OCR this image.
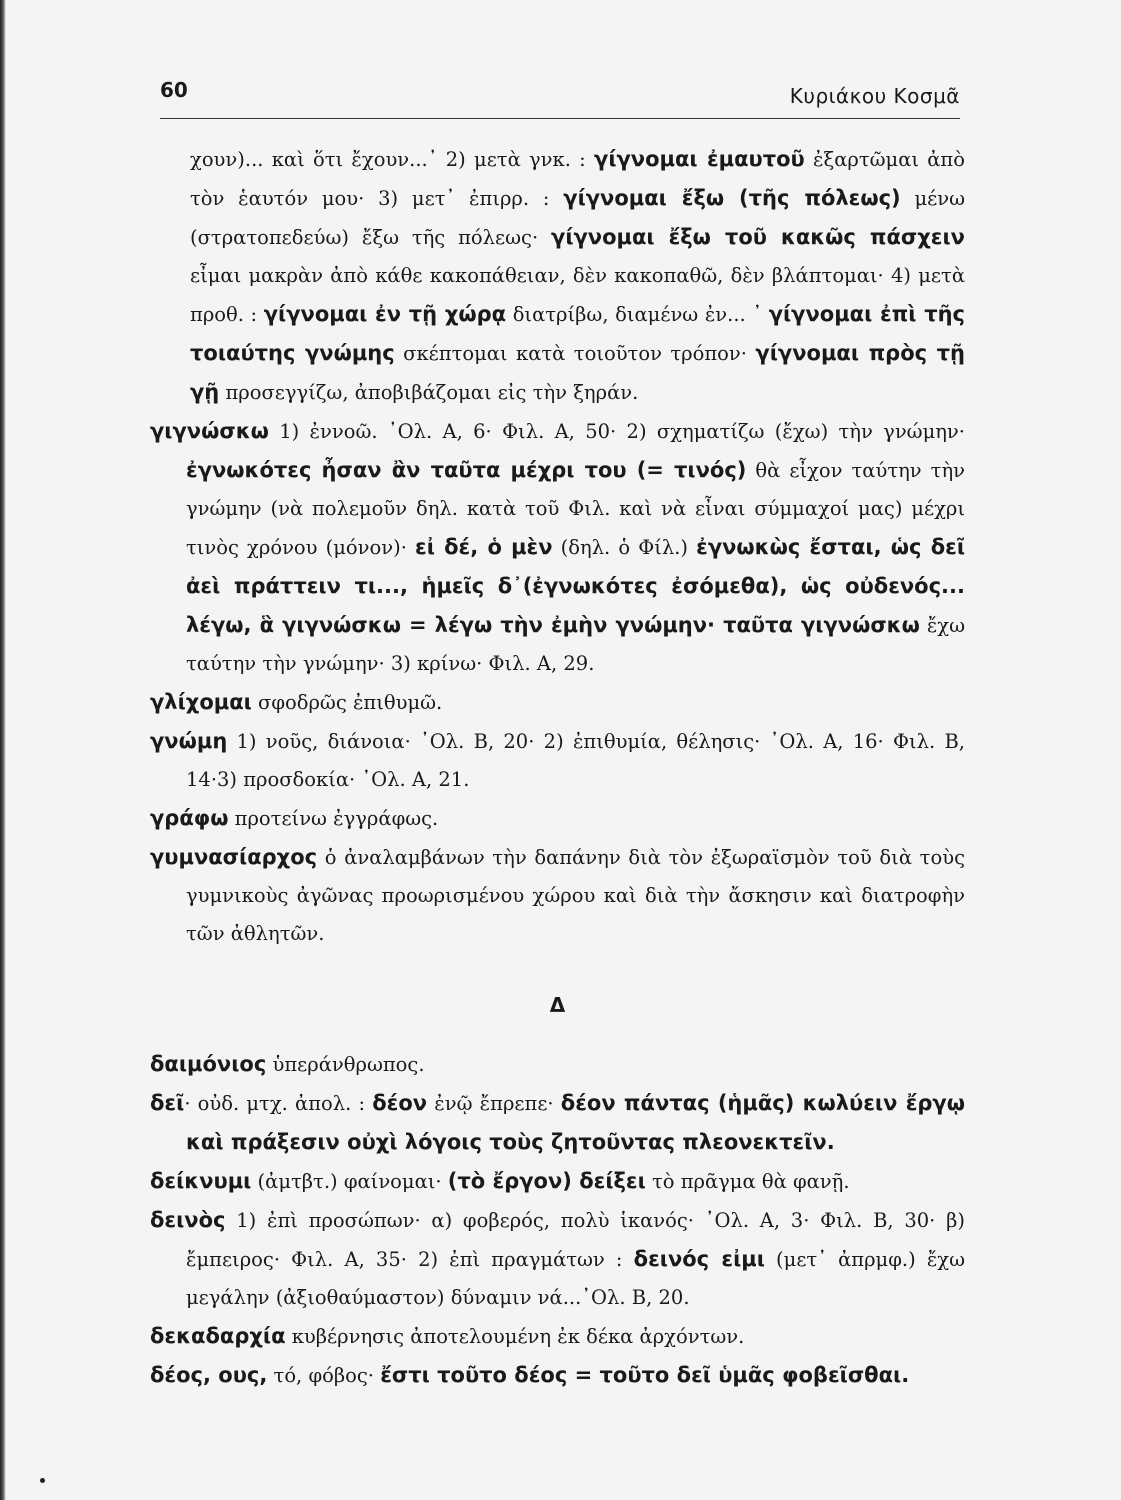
60	Κυριάκου Κοσμᾶ

χουν)... καὶ ὅτι ἔχουν...᾽ 2) μετὰ γνκ. : γίγνομαι ἐμαυτοῦ ἐξαρτῶμαι ἀπὸ τὸν ἑαυτόν μου· 3) μετ᾽ ἐπιρρ. : γίγνομαι ἔξω (τῆς πόλεως) μένω (στρατοπεδεύω) ἔξω τῆς πόλεως· γίγνομαι ἔξω τοῦ κακῶς πάσχειν εἶμαι μακρὰν ἀπὸ κάθε κακοπάθειαν, δὲν κακοπαθῶ, δὲν βλάπτομαι· 4) μετὰ προθ. : γίγνομαι ἐν τῇ χώρᾳ διατρίβω, διαμένω ἐν... ᾽ γίγνομαι ἐπὶ τῆς τοιαύτης γνώμης σκέπτομαι κατὰ τοιοῦτον τρόπον· γίγνομαι πρὸς τῇ γῇ προσεγγίζω, ἀποβιβάζομαι εἰς τὴν ξηράν.

γιγνώσκω 1) ἐννοῶ. ᾽Ολ. Α, 6· Φιλ. Α, 50· 2) σχηματίζω (ἔχω) τὴν γνώμην· ἐγνωκότες ἦσαν ἂν ταῦτα μέχρι του (= τινός) θὰ εἶχον ταύτην τὴν γνώμην (νὰ πολεμοῦν δηλ. κατὰ τοῦ Φιλ. καὶ νὰ εἶναι σύμμαχοί μας) μέχρι τινὸς χρόνου (μόνον)· εἰ δέ, ὁ μὲν (δηλ. ὁ Φίλ.) ἐγνωκὼς ἔσται, ὡς δεῖ ἀεὶ πράττειν τι..., ἡμεῖς δ᾽(ἐγνωκότες ἐσόμεθα), ὡς οὐδενός... λέγω, ἃ γιγνώσκω = λέγω τὴν ἐμὴν γνώμην· ταῦτα γιγνώσκω ἔχω ταύτην τὴν γνώμην· 3) κρίνω· Φιλ. Α, 29.

γλίχομαι σφοδρῶς ἐπιθυμῶ.

γνώμη 1) νοῦς, διάνοια· ᾽Ολ. Β, 20· 2) ἐπιθυμία, θέλησις· ᾽Ολ. Α, 16· Φιλ. Β, 14·3) προσδοκία· ᾽Ολ. Α, 21.

γράφω προτείνω ἐγγράφως.

γυμνασίαρχος ὁ ἀναλαμβάνων τὴν δαπάνην διὰ τὸν ἐξωραϊσμὸν τοῦ διὰ τοὺς γυμνικοὺς ἀγῶνας προωρισμένου χώρου καὶ διὰ τὴν ἄσκησιν καὶ διατροφὴν τῶν ἀθλητῶν.

Δ

δαιμόνιος ὑπεράνθρωπος.

δεῖ· οὐδ. μτχ. ἀπολ. : δέον ἐνῷ ἔπρεπε· δέον πάντας (ἡμᾶς) κωλύειν ἔργῳ καὶ πράξεσιν οὐχὶ λόγοις τοὺς ζητοῦντας πλεονεκτεῖν.

δείκνυμι (ἀμτβτ.) φαίνομαι· (τὸ ἔργον) δείξει τὸ πρᾶγμα θὰ φανῇ.

δεινὸς 1) ἐπὶ προσώπων· α) φοβερός, πολὺ ἱκανός· ᾽Ολ. Α, 3· Φιλ. Β, 30· β) ἔμπειρος· Φιλ. Α, 35· 2) ἐπὶ πραγμάτων : δεινός εἰμι (μετ᾽ ἀπρμφ.) ἔχω μεγάλην (ἀξιοθαύμαστον) δύναμιν νά...᾽Ολ. Β, 20.

δεκαδαρχία κυβέρνησις ἀποτελουμένη ἐκ δέκα ἀρχόντων.

δέος, ους, τό, φόβος· ἔστι τοῦτο δέος = τοῦτο δεῖ ὑμᾶς φοβεῖσθαι.
